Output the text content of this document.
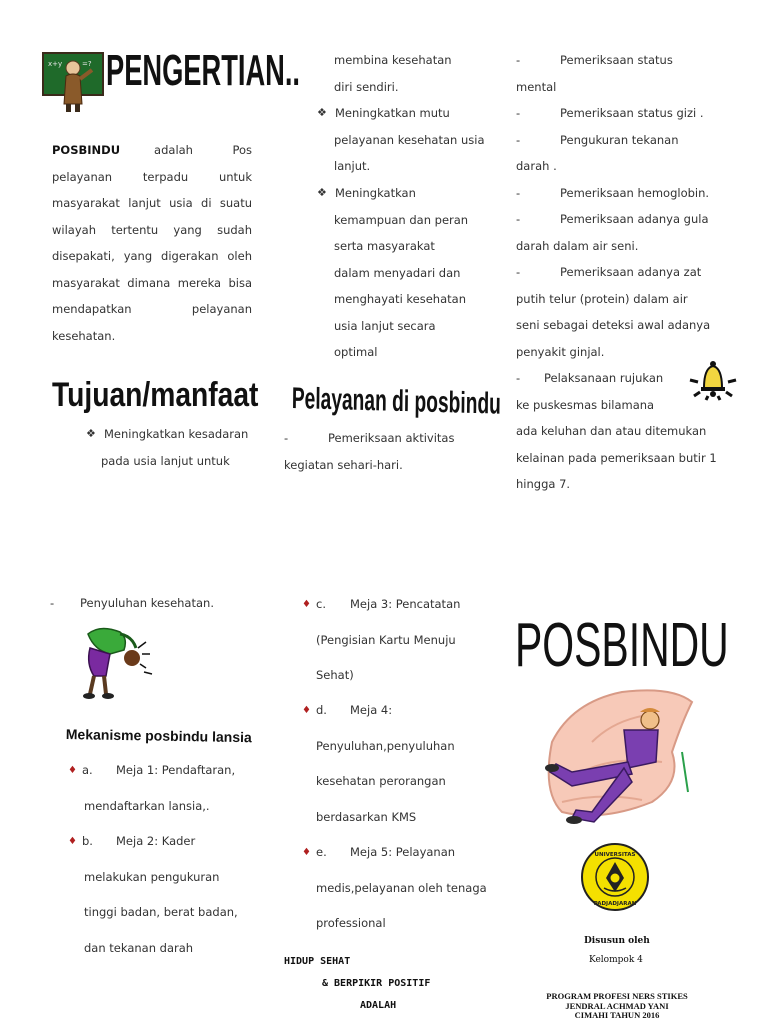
x+y	=? PENGERTIAN..
POSBINDU	adalah Pos
pelayanan terpadu untuk
masyarakat lanjut usia di suatu
wilayah tertentu yang sudah
disepakati, yang digerakan oleh
masyarakat dimana mereka bisa
mendapatkan pelayanan
kesehatan.
Tujuan/manfaat
❖ Meningkatkan kesadaran
pada usia lanjut untuk
membina kesehatan
diri sendiri.
❖ Meningkatkan mutu
pelayanan kesehatan usia
lanjut.
❖ Meningkatkan
kemampuan dan peran
serta masyarakat
dalam menyadari dan
menghayati kesehatan
usia lanjut secara
optimal
Pelayanan di posbindu
-	Pemeriksaan aktivitas
kegiatan sehari-hari.
-	Pemeriksaan status
mental
-	Pemeriksaan status gizi .
-	Pengukuran tekanan
darah .
-	Pemeriksaan hemoglobin.
-	Pemeriksaan adanya gula
darah dalam air seni.
-	Pemeriksaan adanya zat
putih telur (protein) dalam air
seni sebagai deteksi awal adanya
penyakit ginjal.
-	Pelaksanaan rujukan
ke puskesmas bilamana
ada keluhan dan atau ditemukan
kelainan pada pemeriksaan butir 1
hingga 7.
-	Penyuluhan kesehatan.
Mekanisme posbindu lansia
♦ a.	Meja 1: Pendaftaran,
mendaftarkan lansia,.
♦ b.	Meja 2: Kader
melakukan pengukuran
tinggi badan, berat badan,
dan tekanan darah
♦ c.	Meja 3: Pencatatan
(Pengisian Kartu Menuju
Sehat)
♦ d.	Meja 4:
Penyuluhan,penyuluhan
kesehatan perorangan
berdasarkan KMS
♦ e.	Meja 5: Pelayanan
medis,pelayanan oleh tenaga
professional
HIDUP SEHAT
& BERPIKIR POSITIF
ADALAH
POSBINDU
UNIVERSITAS
PADJADJARAN
Disusun oleh
Kelompok 4
PROGRAM PROFESI NERS STIKES
JENDRAL ACHMAD YANI
CIMAHI TAHUN 2016
